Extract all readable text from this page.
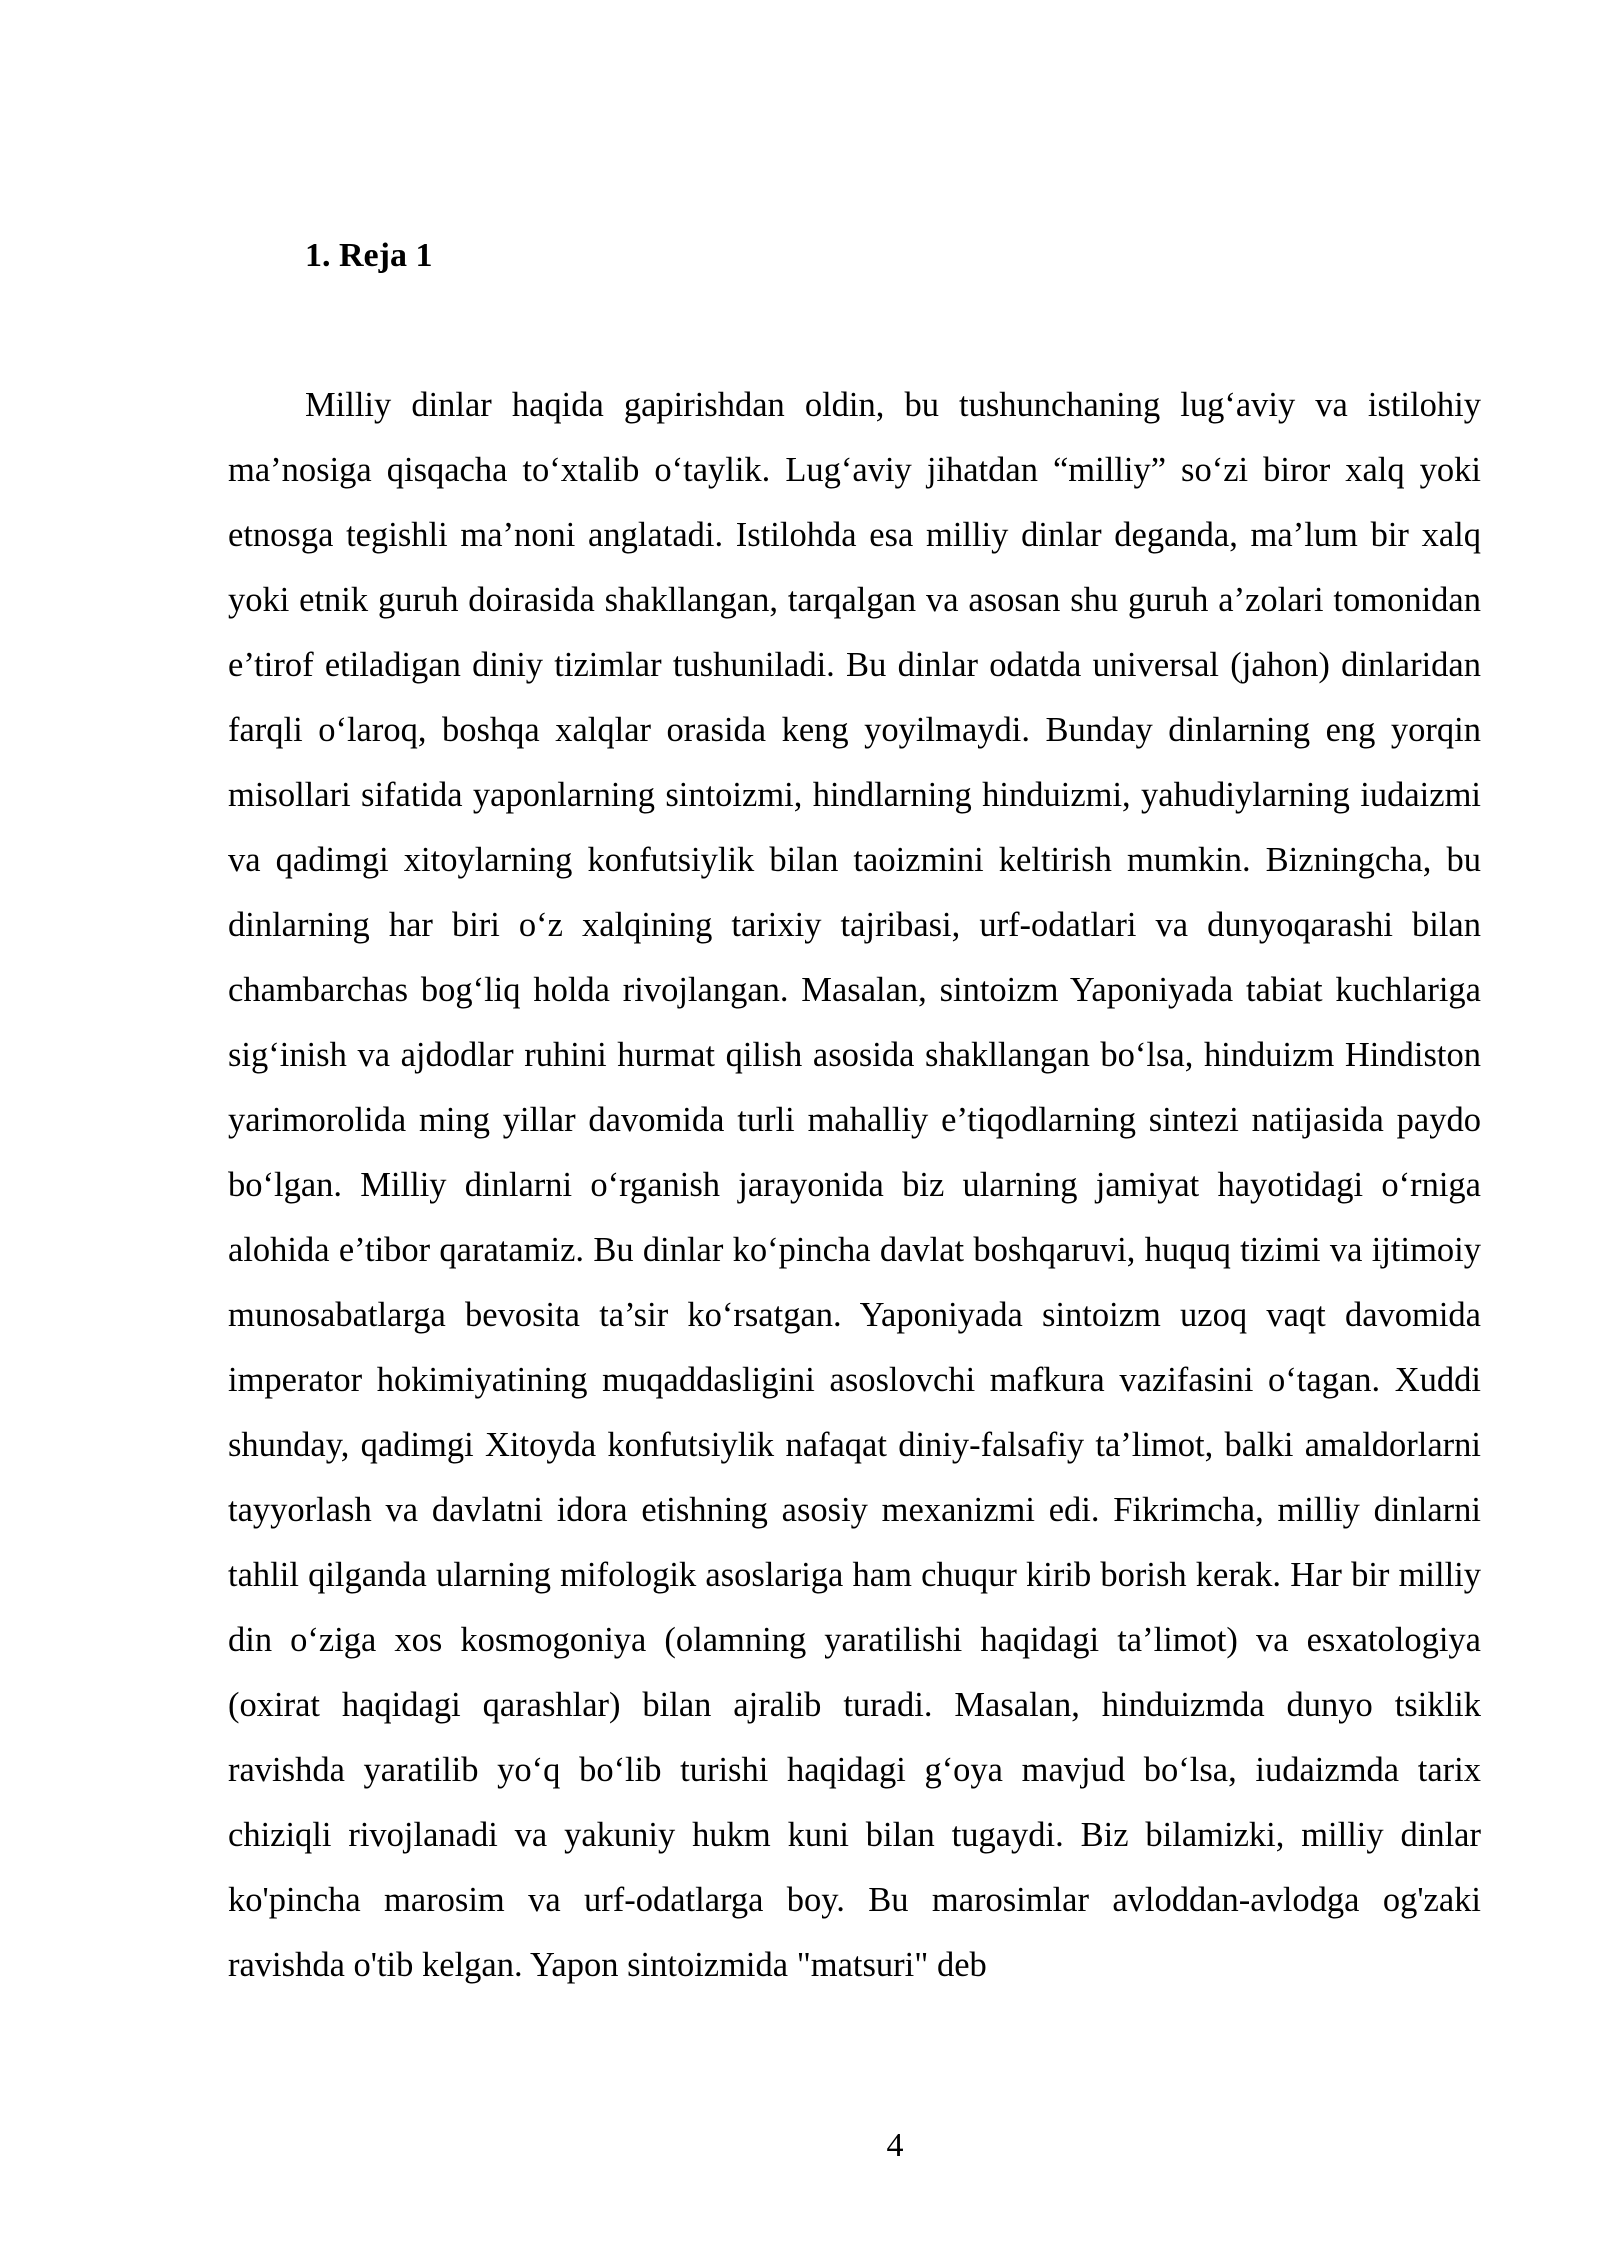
1. Reja 1

Milliy dinlar haqida gapirishdan oldin, bu tushunchaning lug‘aviy va istilohiy ma’nosiga qisqacha to‘xtalib o‘taylik. Lug‘aviy jihatdan “milliy” so‘zi biror xalq yoki etnosga tegishli ma’noni anglatadi. Istilohda esa milliy dinlar deganda, ma’lum bir xalq yoki etnik guruh doirasida shakllangan, tarqalgan va asosan shu guruh a’zolari tomonidan e’tirof etiladigan diniy tizimlar tushuniladi. Bu dinlar odatda universal (jahon) dinlaridan farqli o‘laroq, boshqa xalqlar orasida keng yoyilmaydi. Bunday dinlarning eng yorqin misollari sifatida yaponlarning sintoizmi, hindlarning hinduizmi, yahudiylarning iudaizmi va qadimgi xitoylarning konfutsiylik bilan taoizmini keltirish mumkin. Bizningcha, bu dinlarning har biri o‘z xalqining tarixiy tajribasi, urf-odatlari va dunyoqarashi bilan chambarchas bog‘liq holda rivojlangan. Masalan, sintoizm Yaponiyada tabiat kuchlariga sig‘inish va ajdodlar ruhini hurmat qilish asosida shakllangan bo‘lsa, hinduizm Hindiston yarimorolida ming yillar davomida turli mahalliy e’tiqodlarning sintezi natijasida paydo bo‘lgan. Milliy dinlarni o‘rganish jarayonida biz ularning jamiyat hayotidagi o‘rniga alohida e’tibor qaratamiz. Bu dinlar ko‘pincha davlat boshqaruvi, huquq tizimi va ijtimoiy munosabatlarga bevosita ta’sir ko‘rsatgan. Yaponiyada sintoizm uzoq vaqt davomida imperator hokimiyatining muqaddasligini asoslovchi mafkura vazifasini o‘tagan. Xuddi shunday, qadimgi Xitoyda konfutsiylik nafaqat diniy-falsafiy ta’limot, balki amaldorlarni tayyorlash va davlatni idora etishning asosiy mexanizmi edi. Fikrimcha, milliy dinlarni tahlil qilganda ularning mifologik asoslariga ham chuqur kirib borish kerak. Har bir milliy din o‘ziga xos kosmogoniya (olamning yaratilishi haqidagi ta’limot) va esxatologiya (oxirat haqidagi qarashlar) bilan ajralib turadi. Masalan, hinduizmda dunyo tsiklik ravishda yaratilib yo‘q bo‘lib turishi haqidagi g‘oya mavjud bo‘lsa, iudaizmda tarix chiziqli rivojlanadi va yakuniy hukm kuni bilan tugaydi. Biz bilamizki, milliy dinlar ko'pincha marosim va urf-odatlarga boy. Bu marosimlar avloddan-avlodga og'zaki ravishda o'tib kelgan. Yapon sintoizmida "matsuri" deb

4
